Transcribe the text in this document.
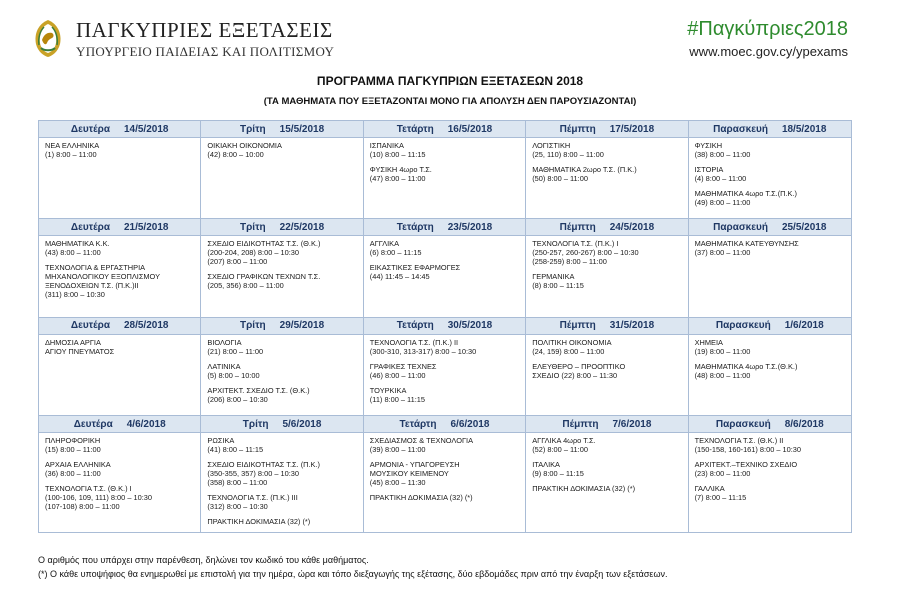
ΠΑΓΚΥΠΡΙΕΣ ΕΞΕΤΑΣΕΙΣ
ΥΠΟΥΡΓΕΙΟ ΠΑΙΔΕΙΑΣ ΚΑΙ ΠΟΛΙΤΙΣΜΟΥ
#Παγκύπριες2018
www.moec.gov.cy/ypexams
ΠΡΟΓΡΑΜΜΑ ΠΑΓΚΥΠΡΙΩΝ ΕΞΕΤΑΣΕΩΝ 2018
(ΤΑ ΜΑΘΗΜΑΤΑ ΠΟΥ ΕΞΕΤΑΖΟΝΤΑΙ ΜΟΝΟ ΓΙΑ ΑΠΟΛΥΣΗ ΔΕΝ ΠΑΡΟΥΣΙΑΖΟΝΤΑΙ)
Δευτέρα 14/5/2018
ΝΕΑ ΕΛΛΗΝΙΚΑ
(1) 8:00 – 11:00
Τρίτη 15/5/2018
ΟΙΚΙΑΚΗ ΟΙΚΟΝΟΜΙΑ
(42) 8:00 – 10:00
Τετάρτη 16/5/2018
ΙΣΠΑΝΙΚΑ
(10) 8:00 – 11:15
ΦΥΣΙΚΗ 4ωρο Τ.Σ.
(47) 8:00 – 11:00
Πέμπτη 17/5/2018
ΛΟΓΙΣΤΙΚΗ
(25, 110) 8:00 – 11:00
ΜΑΘΗΜΑΤΙΚΑ 2ωρο Τ.Σ. (Π.Κ.)
(50) 8:00 – 11:00
Παρασκευή 18/5/2018
ΦΥΣΙΚΗ
(38) 8:00 – 11:00
ΙΣΤΟΡΙΑ
(4) 8:00 – 11:00
ΜΑΘΗΜΑΤΙΚΑ 4ωρο Τ.Σ.(Π.Κ.)
(49) 8:00 – 11:00
Δευτέρα 21/5/2018
ΜΑΘΗΜΑΤΙΚΑ Κ.Κ.
(43) 8:00 – 11:00
ΤΕΧΝΟΛΟΓΙΑ & ΕΡΓΑΣΤΗΡΙΑ
ΜΗΧΑΝΟΛΟΓΙΚΟΥ ΕΞΟΠΛΙΣΜΟΥ
ΞΕΝΟΔΟΧΕΙΩΝ Τ.Σ. (Π.Κ.)ΙΙ
(311) 8:00 – 10:30
Τρίτη 22/5/2018
ΣΧΕΔΙΟ ΕΙΔΙΚΟΤΗΤΑΣ Τ.Σ. (Θ.Κ.)
(200-204, 208) 8:00 – 10:30
(207) 8:00 – 11:00
ΣΧΕΔΙΟ ΓΡΑΦΙΚΩΝ ΤΕΧΝΩΝ Τ.Σ.
(205, 356) 8:00 – 11:00
Τετάρτη 23/5/2018
ΑΓΓΛΙΚΑ
(6) 8:00 – 11:15
ΕΙΚΑΣΤΙΚΕΣ ΕΦΑΡΜΟΓΕΣ
(44) 11:45 – 14:45
Πέμπτη 24/5/2018
ΤΕΧΝΟΛΟΓΙΑ Τ.Σ. (Π.Κ.) Ι
(250-257, 260-267) 8:00 – 10:30
(258-259) 8:00 – 11:00
ΓΕΡΜΑΝΙΚΑ
(8) 8:00 – 11:15
Παρασκευή 25/5/2018
ΜΑΘΗΜΑΤΙΚΑ ΚΑΤΕΥΘΥΝΣΗΣ
(37) 8:00 – 11:00
Δευτέρα 28/5/2018
ΔΗΜΟΣΙΑ ΑΡΓΙΑ
ΑΓΙΟΥ ΠΝΕΥΜΑΤΟΣ
Τρίτη 29/5/2018
ΒΙΟΛΟΓΙΑ
(21) 8:00 – 11:00
ΛΑΤΙΝΙΚΑ
(5) 8:00 – 10:00
ΑΡΧΙΤΕΚΤ. ΣΧΕΔΙΟ Τ.Σ. (Θ.Κ.)
(206) 8:00 – 10:30
Τετάρτη 30/5/2018
ΤΕΧΝΟΛΟΓΙΑ Τ.Σ. (Π.Κ.) ΙΙ
(300-310, 313-317) 8:00 – 10:30
ΓΡΑΦΙΚΕΣ ΤΕΧΝΕΣ
(46) 8:00 – 11:00
ΤΟΥΡΚΙΚΑ
(11) 8:00 – 11:15
Πέμπτη 31/5/2018
ΠΟΛΙΤΙΚΗ ΟΙΚΟΝΟΜΙΑ
(24, 159) 8:00 – 11:00
ΕΛΕΥΘΕΡΟ – ΠΡΟΟΠΤΙΚΟ
ΣΧΕΔΙΟ (22) 8:00 – 11:30
Παρασκευή 1/6/2018
ΧΗΜΕΙΑ
(19) 8:00 – 11:00
ΜΑΘΗΜΑΤΙΚΑ 4ωρο Τ.Σ.(Θ.Κ.)
(48) 8:00 – 11:00
Δευτέρα 4/6/2018
ΠΛΗΡΟΦΟΡΙΚΗ
(15) 8:00 – 11:00
ΑΡΧΑΙΑ ΕΛΛΗΝΙΚΑ
(36) 8:00 – 11:00
ΤΕΧΝΟΛΟΓΙΑ Τ.Σ. (Θ.Κ.) Ι
(100-106, 109, 111) 8:00 – 10:30
(107-108) 8:00 – 11:00
Τρίτη 5/6/2018
ΡΩΣΙΚΑ
(41) 8:00 – 11:15
ΣΧΕΔΙΟ ΕΙΔΙΚΟΤΗΤΑΣ Τ.Σ. (Π.Κ.)
(350-355, 357) 8:00 – 10:30
(358) 8:00 – 11:00
ΤΕΧΝΟΛΟΓΙΑ Τ.Σ. (Π.Κ.) ΙΙΙ
(312) 8:00 – 10:30
ΠΡΑΚΤΙΚΗ ΔΟΚΙΜΑΣΙΑ (32) (*)
Τετάρτη 6/6/2018
ΣΧΕΔΙΑΣΜΟΣ & ΤΕΧΝΟΛΟΓΙΑ
(39) 8:00 – 11:00
ΑΡΜΟΝΙΑ - ΥΠΑΓΟΡΕΥΣΗ
ΜΟΥΣΙΚΟΥ ΚΕΙΜΕΝΟΥ
(45) 8:00 – 11:30
ΠΡΑΚΤΙΚΗ ΔΟΚΙΜΑΣΙΑ (32) (*)
Πέμπτη 7/6/2018
ΑΓΓΛΙΚΑ 4ωρο Τ.Σ.
(52) 8:00 – 11:00
ΙΤΑΛΙΚΑ
(9) 8:00 – 11:15
ΠΡΑΚΤΙΚΗ ΔΟΚΙΜΑΣΙΑ (32) (*)
Παρασκευή 8/6/2018
ΤΕΧΝΟΛΟΓΙΑ Τ.Σ. (Θ.Κ.) ΙΙ
(150-158, 160-161) 8:00 – 10:30
ΑΡΧΙΤΕΚΤ.–ΤΕΧΝΙΚΟ ΣΧΕΔΙΟ
(23) 8:00 – 11:00
ΓΑΛΛΙΚΑ
(7) 8:00 – 11:15
Ο αριθμός που υπάρχει στην παρένθεση, δηλώνει τον κωδικό του κάθε μαθήματος.
(*) Ο κάθε υποψήφιος θα ενημερωθεί με επιστολή για την ημέρα, ώρα και τόπο διεξαγωγής της εξέτασης, δύο εβδομάδες πριν από την έναρξη των εξετάσεων.
